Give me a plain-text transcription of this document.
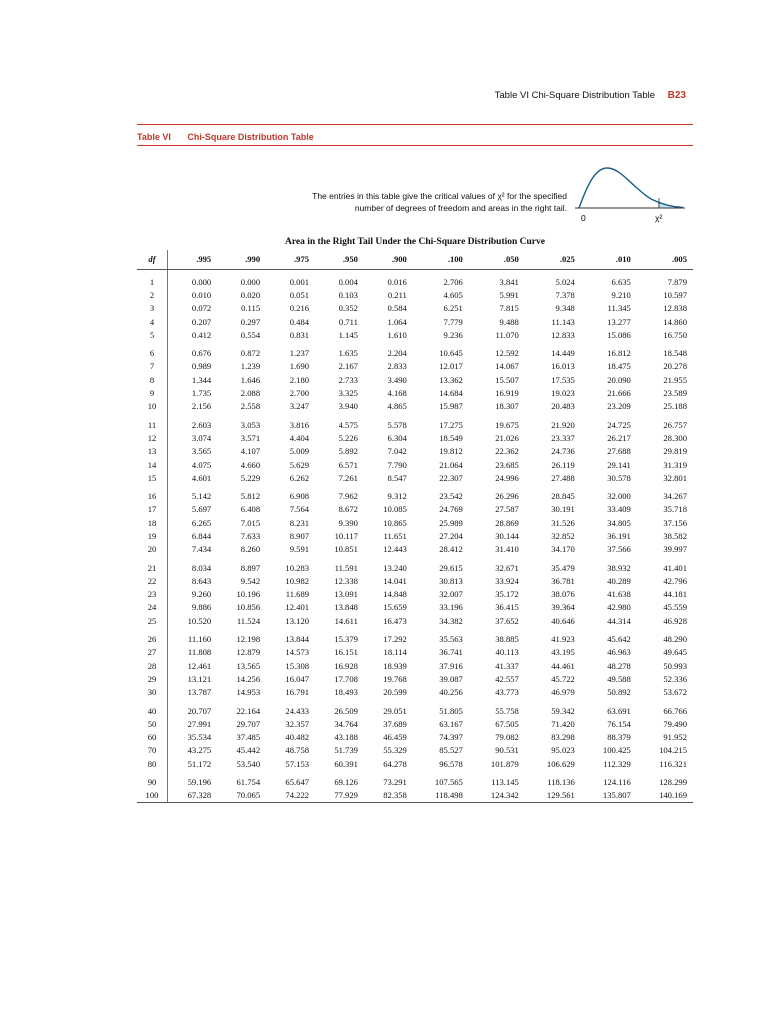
Table VI Chi-Square Distribution Table B23
Table VI Chi-Square Distribution Table
The entries in this table give the critical values of χ² for the specified
number of degrees of freedom and areas in the right tail.
0	χ²
Area in the Right Tail Under the Chi-Square Distribution Curve										
df	.995	.990	.975	.950	.900	.100	.050	.025	.010	.005
1	0.000	0.000	0.001	0.004	0.016	2.706	3.841	5.024	6.635	7.879
2	0.010	0.020	0.051	0.103	0.211	4.605	5.991	7.378	9.210	10.597
3	0.072	0.115	0.216	0.352	0.584	6.251	7.815	9.348	11.345	12.838
4	0.207	0.297	0.484	0.711	1.064	7.779	9.488	11.143	13.277	14.860
5	0.412	0.554	0.831	1.145	1.610	9.236	11.070	12.833	15.086	16.750
6	0.676	0.872	1.237	1.635	2.204	10.645	12.592	14.449	16.812	18.548
7	0.989	1.239	1.690	2.167	2.833	12.017	14.067	16.013	18.475	20.278
8	1.344	1.646	2.180	2.733	3.490	13.362	15.507	17.535	20.090	21.955
9	1.735	2.088	2.700	3.325	4.168	14.684	16.919	19.023	21.666	23.589
10	2.156	2.558	3.247	3.940	4.865	15.987	18.307	20.483	23.209	25.188
11	2.603	3.053	3.816	4.575	5.578	17.275	19.675	21.920	24.725	26.757
12	3.074	3.571	4.404	5.226	6.304	18.549	21.026	23.337	26.217	28.300
13	3.565	4.107	5.009	5.892	7.042	19.812	22.362	24.736	27.688	29.819
14	4.075	4.660	5.629	6.571	7.790	21.064	23.685	26.119	29.141	31.319
15	4.601	5.229	6.262	7.261	8.547	22.307	24.996	27.488	30.578	32.801
16	5.142	5.812	6.908	7.962	9.312	23.542	26.296	28.845	32.000	34.267
17	5.697	6.408	7.564	8.672	10.085	24.769	27.587	30.191	33.409	35.718
18	6.265	7.015	8.231	9.390	10.865	25.989	28.869	31.526	34.805	37.156
19	6.844	7.633	8.907	10.117	11.651	27.204	30.144	32.852	36.191	38.582
20	7.434	8.260	9.591	10.851	12.443	28.412	31.410	34.170	37.566	39.997
21	8.034	8.897	10.283	11.591	13.240	29.615	32.671	35.479	38.932	41.401
22	8.643	9.542	10.982	12.338	14.041	30.813	33.924	36.781	40.289	42.796
23	9.260	10.196	11.689	13.091	14.848	32.007	35.172	38.076	41.638	44.181
24	9.886	10.856	12.401	13.848	15.659	33.196	36.415	39.364	42.980	45.559
25	10.520	11.524	13.120	14.611	16.473	34.382	37.652	40.646	44.314	46.928
26	11.160	12.198	13.844	15.379	17.292	35.563	38.885	41.923	45.642	48.290
27	11.808	12.879	14.573	16.151	18.114	36.741	40.113	43.195	46.963	49.645
28	12.461	13.565	15.308	16.928	18.939	37.916	41.337	44.461	48.278	50.993
29	13.121	14.256	16.047	17.708	19.768	39.087	42.557	45.722	49.588	52.336
30	13.787	14.953	16.791	18.493	20.599	40.256	43.773	46.979	50.892	53.672
40	20.707	22.164	24.433	26.509	29.051	51.805	55.758	59.342	63.691	66.766
50	27.991	29.707	32.357	34.764	37.689	63.167	67.505	71.420	76.154	79.490
60	35.534	37.485	40.482	43.188	46.459	74.397	79.082	83.298	88.379	91.952
70	43.275	45.442	48.758	51.739	55.329	85.527	90.531	95.023	100.425	104.215
80	51.172	53.540	57.153	60.391	64.278	96.578	101.879	106.629	112.329	116.321
90	59.196	61.754	65.647	69.126	73.291	107.565	113.145	118.136	124.116	128.299
100	67.328	70.065	74.222	77.929	82.358	118.498	124.342	129.561	135.807	140.169
